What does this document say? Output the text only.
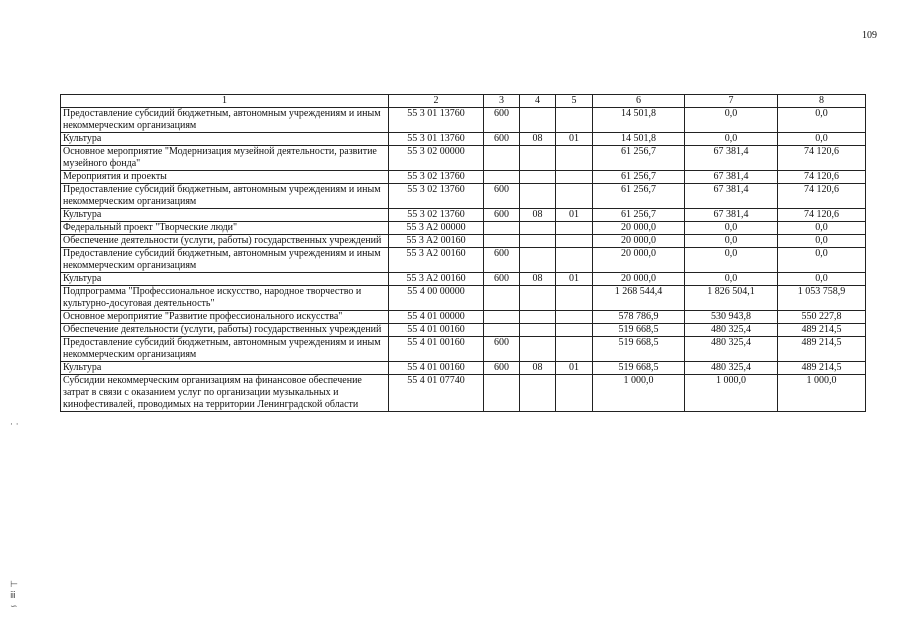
109
· ·
⊢
ⅲ
∽
1	2	3	4	5	6	7	8
Предоставление субсидий бюджетным, автономным учреждениям и иным некоммерческим организациям	55 3 01 13760	600			14 501,8	0,0	0,0
Культура	55 3 01 13760	600	08	01	14 501,8	0,0	0,0
Основное мероприятие "Модернизация музейной деятельности, развитие музейного фонда"	55 3 02 00000				61 256,7	67 381,4	74 120,6
Мероприятия и проекты	55 3 02 13760				61 256,7	67 381,4	74 120,6
Предоставление субсидий бюджетным, автономным учреждениям и иным некоммерческим организациям	55 3 02 13760	600			61 256,7	67 381,4	74 120,6
Культура	55 3 02 13760	600	08	01	61 256,7	67 381,4	74 120,6
Федеральный проект "Творческие люди"	55 3 A2 00000				20 000,0	0,0	0,0
Обеспечение деятельности (услуги, работы) государственных учреждений	55 3 A2 00160				20 000,0	0,0	0,0
Предоставление субсидий бюджетным, автономным учреждениям и иным некоммерческим организациям	55 3 A2 00160	600			20 000,0	0,0	0,0
Культура	55 3 A2 00160	600	08	01	20 000,0	0,0	0,0
Подпрограмма "Профессиональное искусство, народное творчество и культурно-досуговая деятельность"	55 4 00 00000				1 268 544,4	1 826 504,1	1 053 758,9
Основное мероприятие "Развитие профессионального искусства"	55 4 01 00000				578 786,9	530 943,8	550 227,8
Обеспечение деятельности (услуги, работы) государственных учреждений	55 4 01 00160				519 668,5	480 325,4	489 214,5
Предоставление субсидий бюджетным, автономным учреждениям и иным некоммерческим организациям	55 4 01 00160	600			519 668,5	480 325,4	489 214,5
Культура	55 4 01 00160	600	08	01	519 668,5	480 325,4	489 214,5
Субсидии некоммерческим организациям на финансовое обеспечение затрат в связи с оказанием услуг по организации музыкальных и кинофестивалей, проводимых на территории Ленинградской области	55 4 01 07740				1 000,0	1 000,0	1 000,0
